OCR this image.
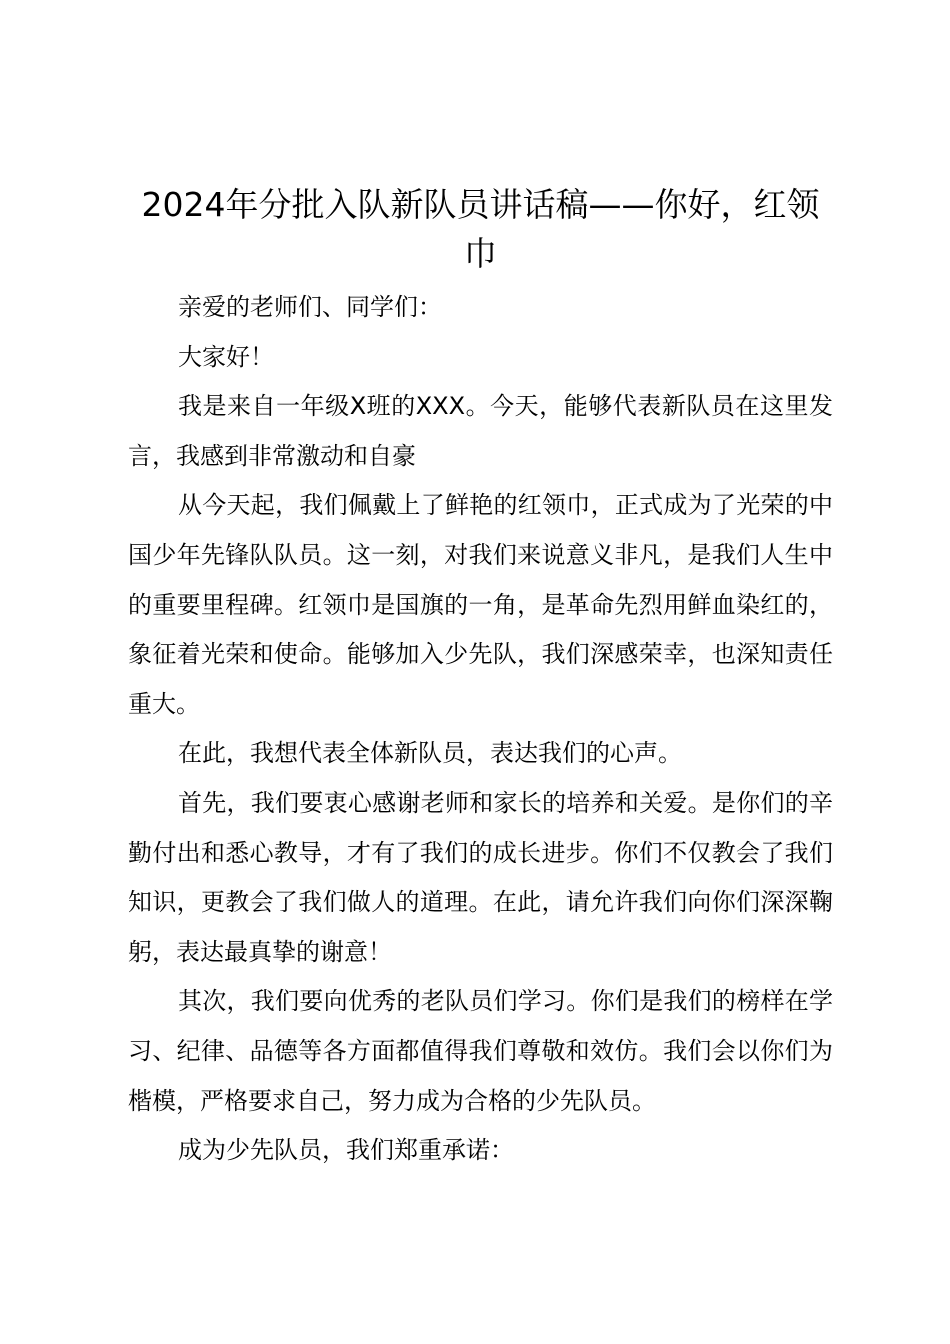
2024年分批入队新队员讲话稿——你好，红领巾

亲爱的老师们、同学们：

大家好！

我是来自一年级X班的XXX。今天，能够代表新队员在这里发言，我感到非常激动和自豪

从今天起，我们佩戴上了鲜艳的红领巾，正式成为了光荣的中国少年先锋队队员。这一刻，对我们来说意义非凡，是我们人生中的重要里程碑。红领巾是国旗的一角，是革命先烈用鲜血染红的，象征着光荣和使命。能够加入少先队，我们深感荣幸，也深知责任重大。

在此，我想代表全体新队员，表达我们的心声。

首先，我们要衷心感谢老师和家长的培养和关爱。是你们的辛勤付出和悉心教导，才有了我们的成长进步。你们不仅教会了我们知识，更教会了我们做人的道理。在此，请允许我们向你们深深鞠躬，表达最真挚的谢意！

其次，我们要向优秀的老队员们学习。你们是我们的榜样在学习、纪律、品德等各方面都值得我们尊敬和效仿。我们会以你们为楷模，严格要求自己，努力成为合格的少先队员。

成为少先队员，我们郑重承诺：
